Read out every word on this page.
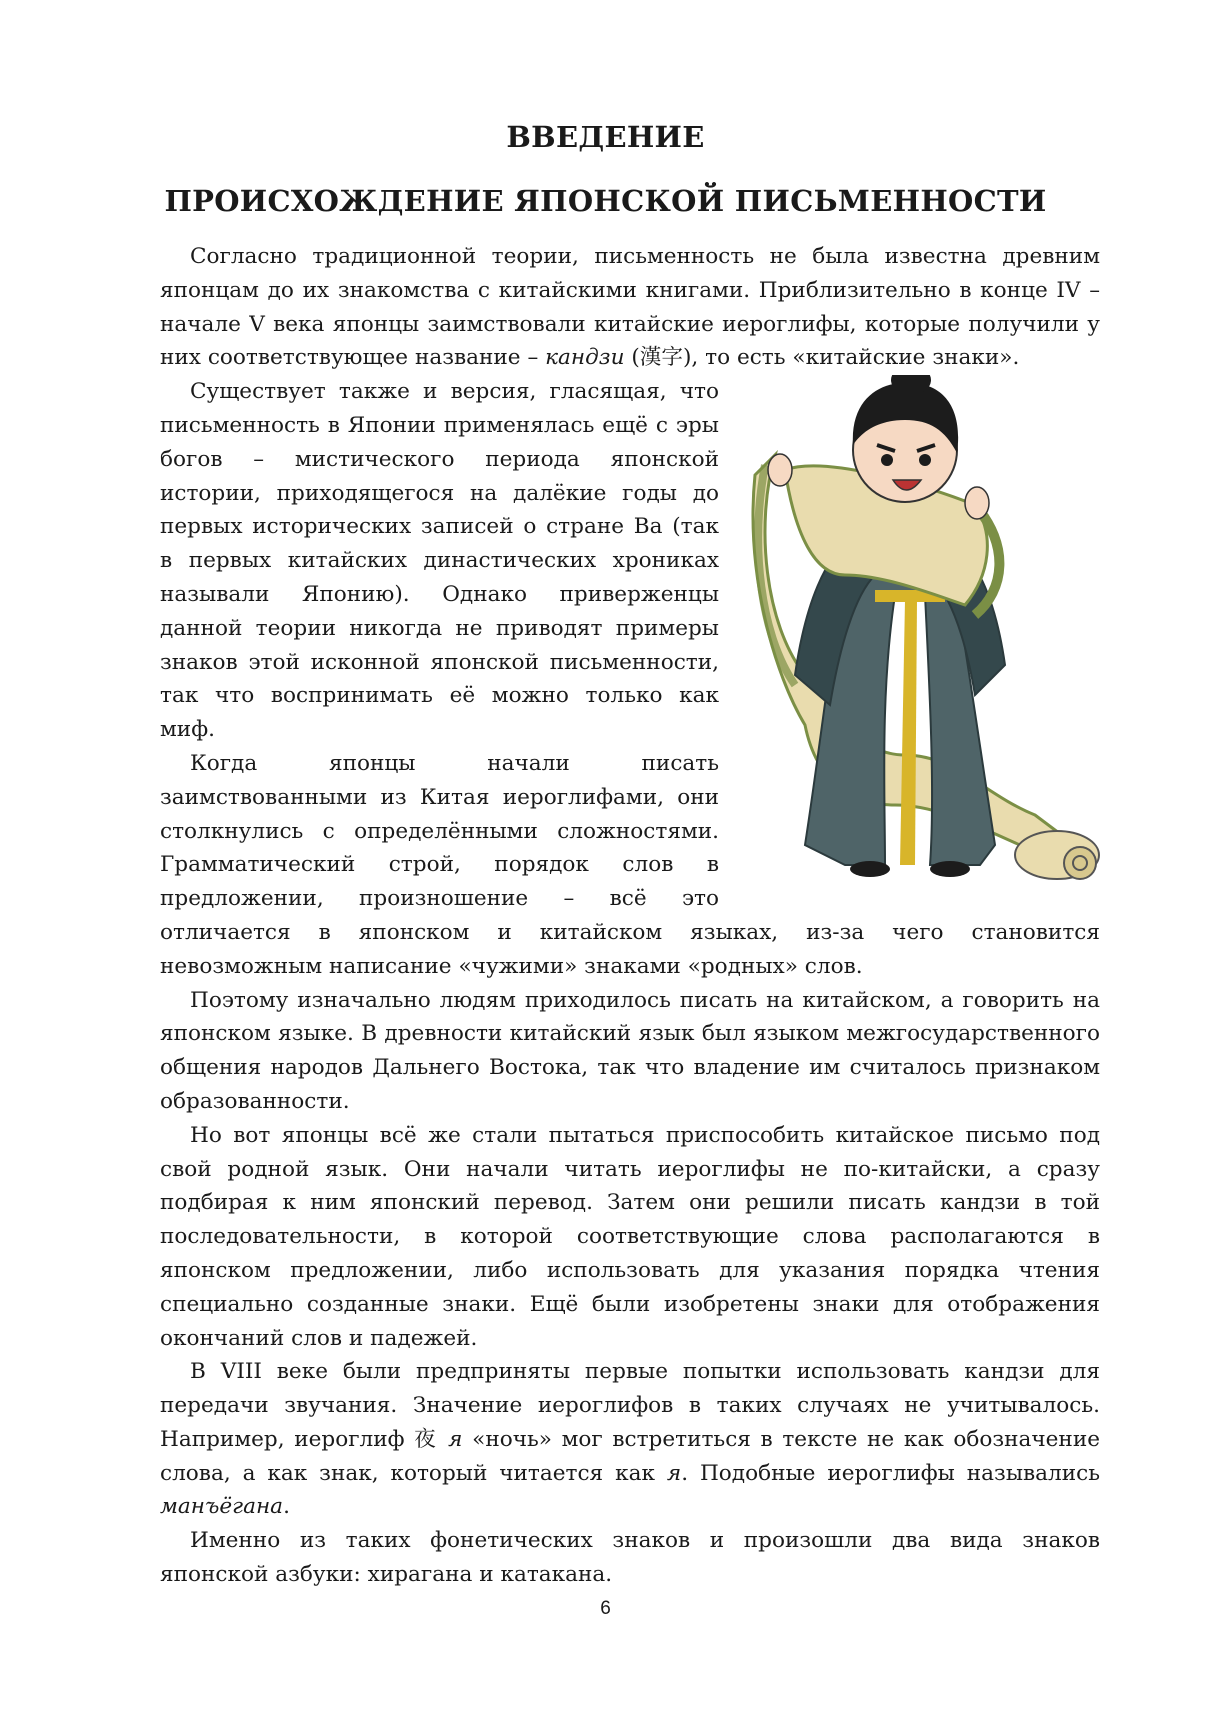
ВВЕДЕНИЕ
ПРОИСХОЖДЕНИЕ ЯПОНСКОЙ ПИСЬМЕННОСТИ

Согласно традиционной теории, письменность не была известна древним японцам до их знакомства с китайскими книгами. Приблизительно в конце IV – начале V века японцы заимствовали китайские иероглифы, которые получили у них соответствующее название – кандзи (漢字), то есть «китайские знаки».

Существует также и версия, гласящая, что письменность в Японии применялась ещё с эры богов – мистического периода японской истории, приходящегося на далёкие годы до первых исторических записей о стране Ва (так в первых китайских династических хрониках называли Японию). Однако приверженцы данной теории никогда не приводят примеры знаков этой исконной японской письменности, так что воспринимать её можно только как миф.

Когда японцы начали писать заимствованными из Китая иероглифами, они столкнулись с определёнными сложностями. Грамматический строй, порядок слов в предложении, произношение – всё это отличается в японском и китайском языках, из-за чего становится невозможным написание «чужими» знаками «родных» слов.

Поэтому изначально людям приходилось писать на китайском, а говорить на японском языке. В древности китайский язык был языком межгосударственного общения народов Дальнего Востока, так что владение им считалось признаком образованности.

Но вот японцы всё же стали пытаться приспособить китайское письмо под свой родной язык. Они начали читать иероглифы не по-китайски, а сразу подбирая к ним японский перевод. Затем они решили писать кандзи в той последовательности, в которой соответствующие слова располагаются в японском предложении, либо использовать для указания порядка чтения специально созданные знаки. Ещё были изобретены знаки для отображения окончаний слов и падежей.

В VIII веке были предприняты первые попытки использовать кандзи для передачи звучания. Значение иероглифов в таких случаях не учитывалось. Например, иероглиф 夜 я «ночь» мог встретиться в тексте не как обозначение слова, а как знак, который читается как я. Подобные иероглифы назывались манъёгана.

Именно из таких фонетических знаков и произошли два вида знаков японской азбуки: хирагана и катакана.

6
